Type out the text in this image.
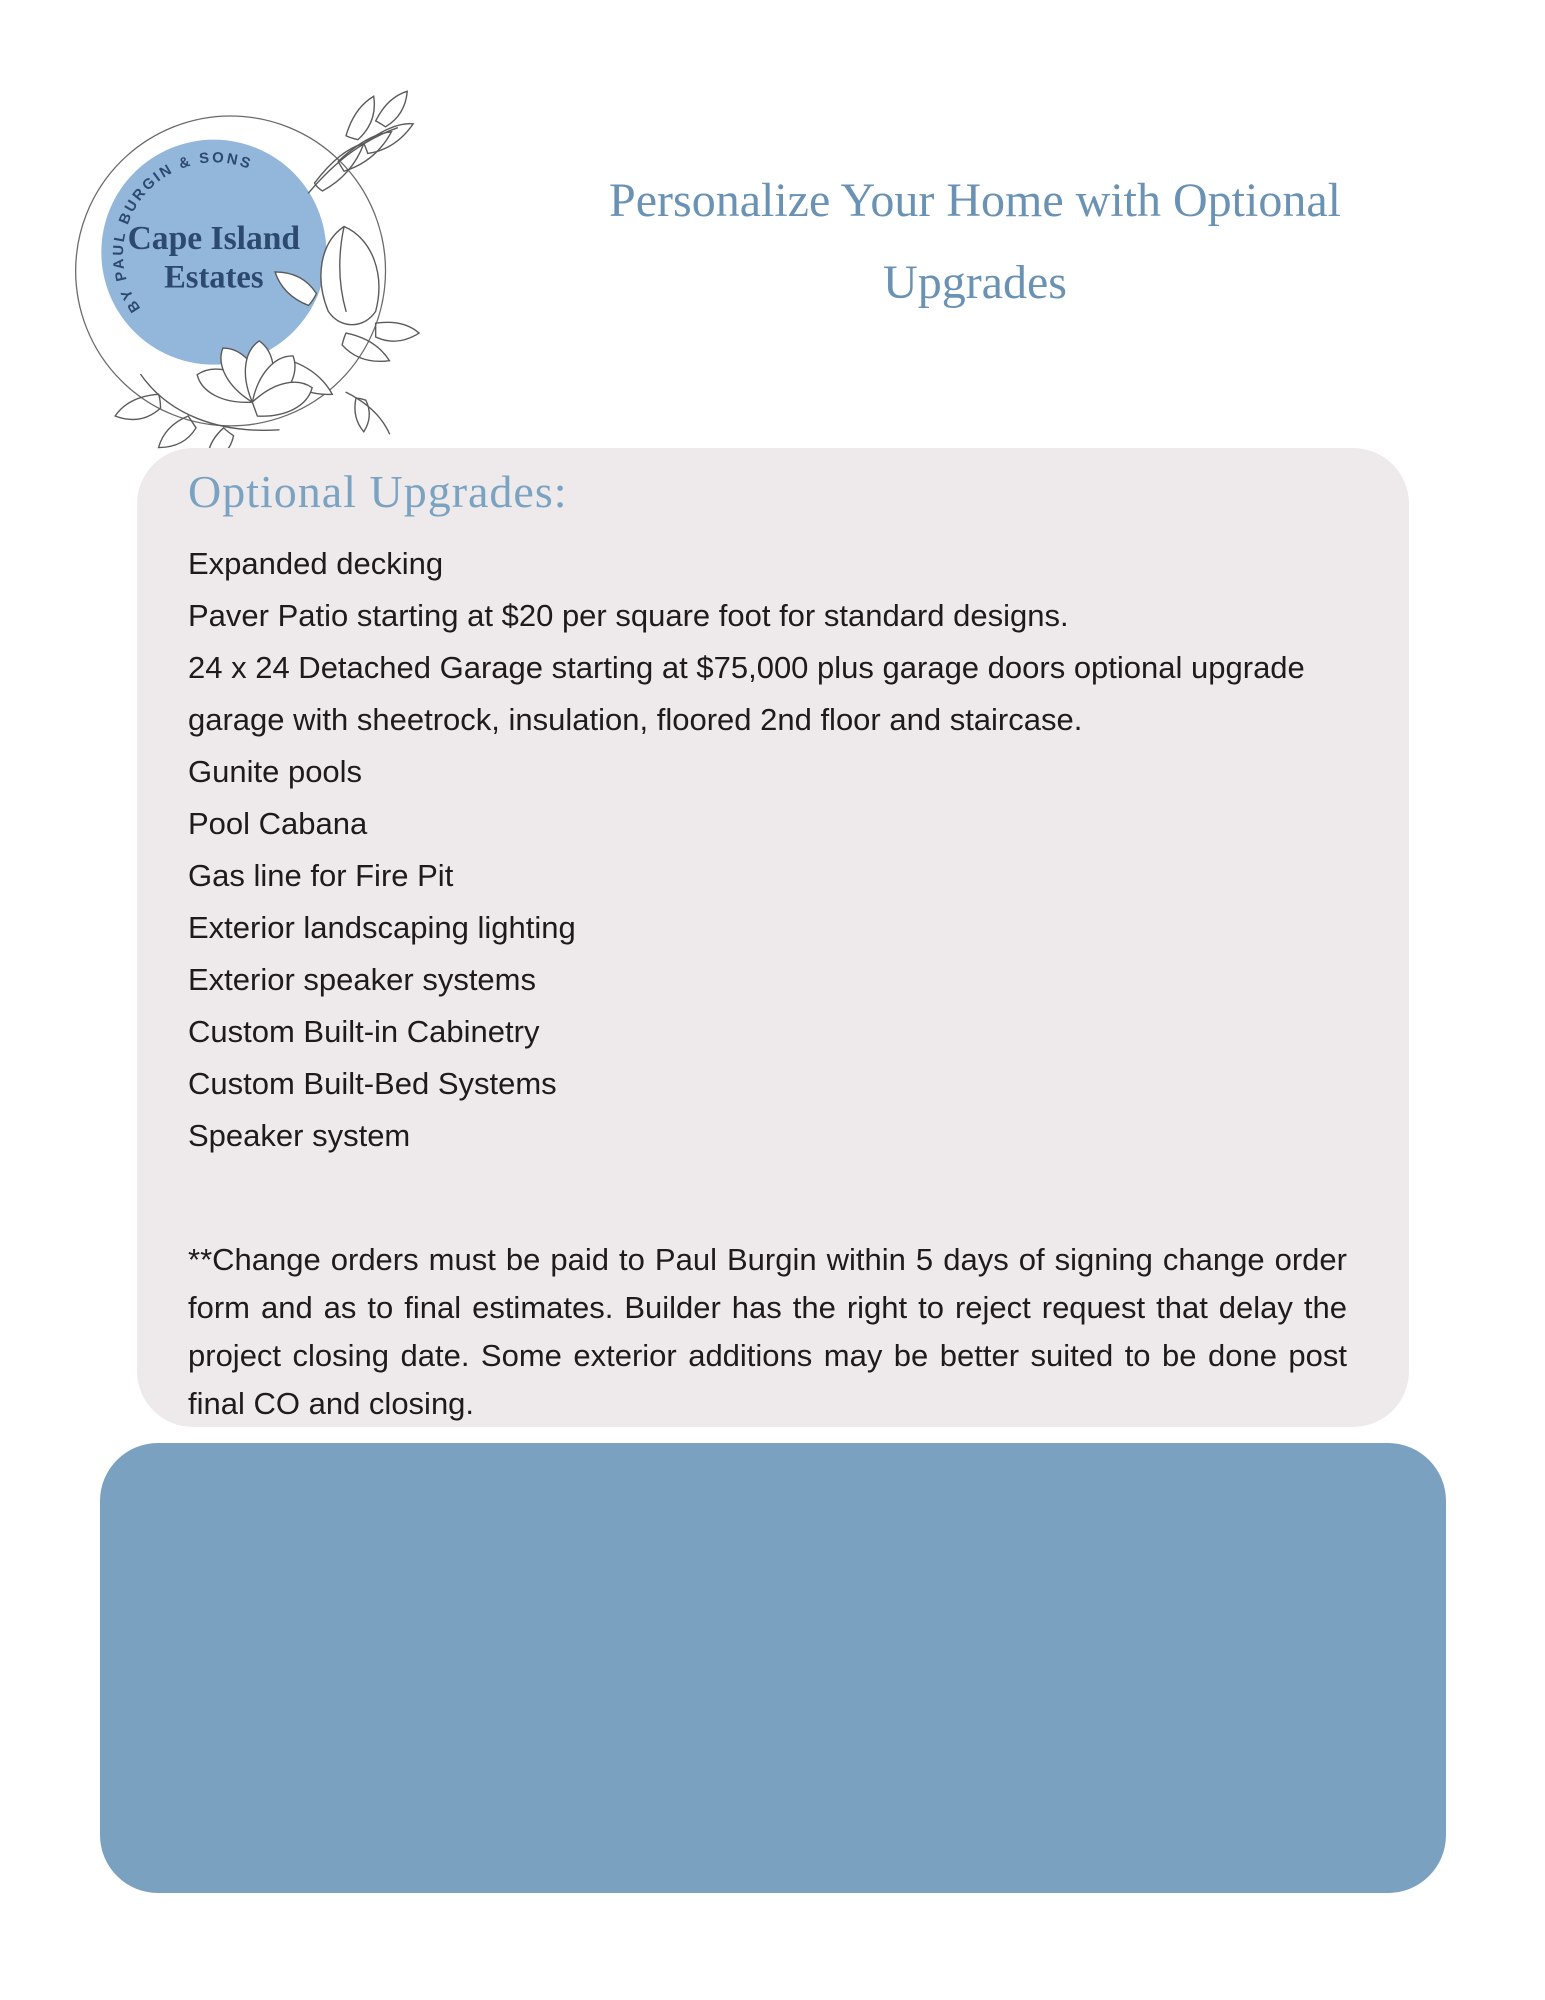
BY PAUL BURGIN & SONS
Cape Island
Estates
Personalize Your Home with Optional Upgrades
Optional Upgrades:
Expanded decking
Paver Patio starting at $20 per square foot for standard designs.
24 x 24 Detached Garage starting at $75,000 plus garage doors optional upgrade garage with sheetrock, insulation, floored 2nd floor and staircase.
Gunite pools
Pool Cabana
Gas line for Fire Pit
Exterior landscaping lighting
Exterior speaker systems
Custom Built-in Cabinetry
Custom Built-Bed Systems
Speaker system

**Change orders must be paid to Paul Burgin within 5 days of signing change order form and as to final estimates. Builder has the right to reject request that delay the project closing date. Some exterior additions may be better suited to be done post final CO and closing.
